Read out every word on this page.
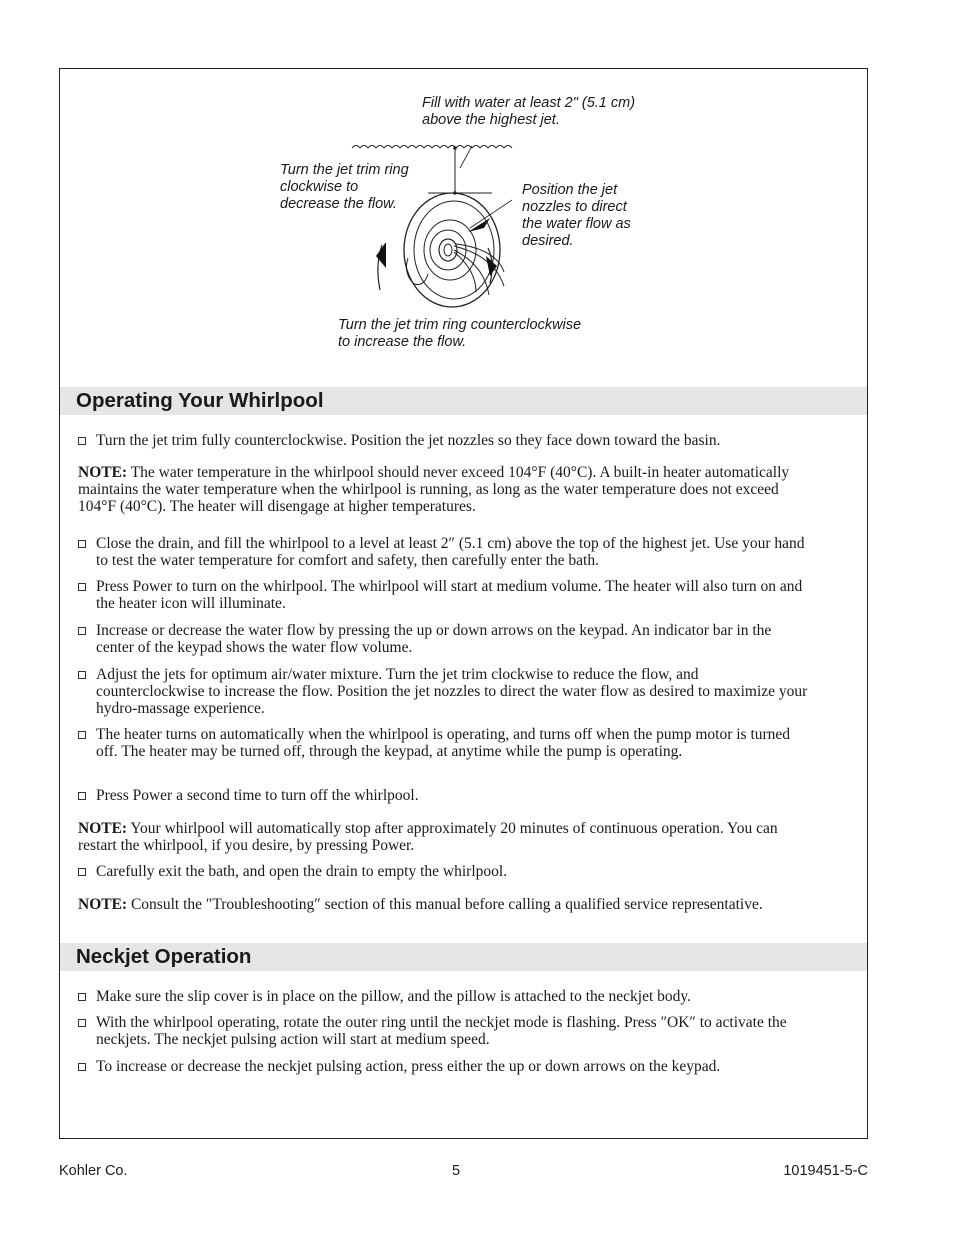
Fill with water at least 2" (5.1 cm)
above the highest jet.
Turn the jet trim ring
clockwise to
decrease the flow.
Position the jet
nozzles to direct
the water flow as
desired.
Turn the jet trim ring counterclockwise
to increase the flow.
Operating Your Whirlpool
Turn the jet trim fully counterclockwise. Position the jet nozzles so they face down toward the basin.
NOTE: The water temperature in the whirlpool should never exceed 104°F (40°C). A built-in heater automatically maintains the water temperature when the whirlpool is running, as long as the water temperature does not exceed 104°F (40°C). The heater will disengage at higher temperatures.
Close the drain, and fill the whirlpool to a level at least 2″ (5.1 cm) above the top of the highest jet. Use your hand to test the water temperature for comfort and safety, then carefully enter the bath.
Press Power to turn on the whirlpool. The whirlpool will start at medium volume. The heater will also turn on and the heater icon will illuminate.
Increase or decrease the water flow by pressing the up or down arrows on the keypad. An indicator bar in the center of the keypad shows the water flow volume.
Adjust the jets for optimum air/water mixture. Turn the jet trim clockwise to reduce the flow, and counterclockwise to increase the flow. Position the jet nozzles to direct the water flow as desired to maximize your hydro-massage experience.
The heater turns on automatically when the whirlpool is operating, and turns off when the pump motor is turned off. The heater may be turned off, through the keypad, at anytime while the pump is operating.
Press Power a second time to turn off the whirlpool.
NOTE: Your whirlpool will automatically stop after approximately 20 minutes of continuous operation. You can restart the whirlpool, if you desire, by pressing Power.
Carefully exit the bath, and open the drain to empty the whirlpool.
NOTE: Consult the ″Troubleshooting″ section of this manual before calling a qualified service representative.
Neckjet Operation
Make sure the slip cover is in place on the pillow, and the pillow is attached to the neckjet body.
With the whirlpool operating, rotate the outer ring until the neckjet mode is flashing. Press ″OK″ to activate the neckjets. The neckjet pulsing action will start at medium speed.
To increase or decrease the neckjet pulsing action, press either the up or down arrows on the keypad.
Kohler Co.	5	1019451-5-C
